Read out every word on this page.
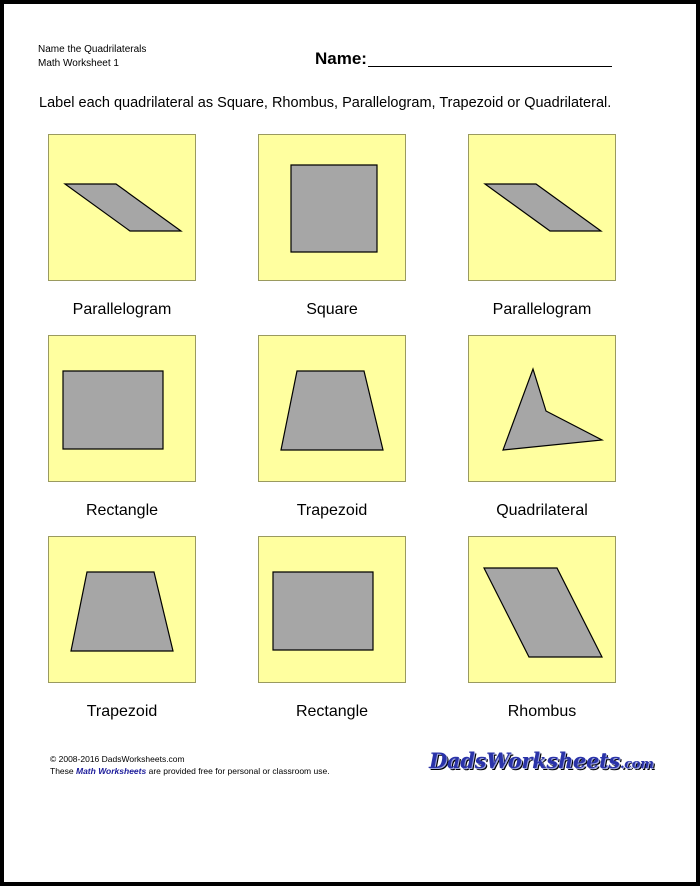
Name the Quadrilaterals
Math Worksheet 1	Name:
Label each quadrilateral as Square, Rhombus, Parallelogram, Trapezoid or Quadrilateral.
Parallelogram	Square	Parallelogram
Rectangle	Trapezoid	Quadrilateral
Trapezoid	Rectangle	Rhombus
© 2008-2016 DadsWorksheets.com
These Math Worksheets are provided free for personal or classroom use.	DadsWorksheets.com
